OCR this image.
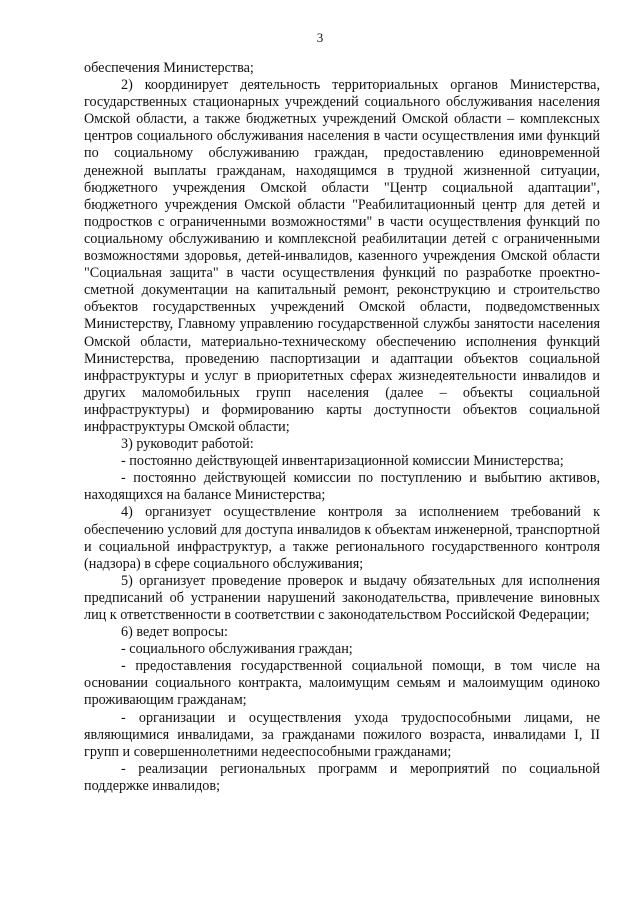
3

обеспечения Министерства;

2) координирует деятельность территориальных органов Министерства, государственных стационарных учреждений социального обслуживания населения Омской области, а также бюджетных учреждений Омской области – комплексных центров социального обслуживания населения в части осуществления ими функций по социальному обслуживанию граждан, предоставлению единовременной денежной выплаты гражданам, находящимся в трудной жизненной ситуации, бюджетного учреждения Омской области "Центр социальной адаптации", бюджетного учреждения Омской области "Реабилитационный центр для детей и подростков с ограниченными возможностями" в части осуществления функций по социальному обслуживанию и комплексной реабилитации детей с ограниченными возможностями здоровья, детей-инвалидов, казенного учреждения Омской области "Социальная защита" в части осуществления функций по разработке проектно-сметной документации на капитальный ремонт, реконструкцию и строительство объектов государственных учреждений Омской области, подведомственных Министерству, Главному управлению государственной службы занятости населения Омской области, материально-техническому обеспечению исполнения функций Министерства, проведению паспортизации и адаптации объектов социальной инфраструктуры и услуг в приоритетных сферах жизнедеятельности инвалидов и других маломобильных групп населения (далее – объекты социальной инфраструктуры) и формированию карты доступности объектов социальной инфраструктуры Омской области;

3) руководит работой:

- постоянно действующей инвентаризационной комиссии Министерства;

- постоянно действующей комиссии по поступлению и выбытию активов, находящихся на балансе Министерства;

4) организует осуществление контроля за исполнением требований к обеспечению условий для доступа инвалидов к объектам инженерной, транспортной и социальной инфраструктур, а также регионального государственного контроля (надзора) в сфере социального обслуживания;

5) организует проведение проверок и выдачу обязательных для исполнения предписаний об устранении нарушений законодательства, привлечение виновных лиц к ответственности в соответствии с законодательством Российской Федерации;

6) ведет вопросы:

- социального обслуживания граждан;

- предоставления государственной социальной помощи, в том числе на основании социального контракта, малоимущим семьям и малоимущим одиноко проживающим гражданам;

- организации и осуществления ухода трудоспособными лицами, не являющимися инвалидами, за гражданами пожилого возраста, инвалидами I, II групп и совершеннолетними недееспособными гражданами;

- реализации региональных программ и мероприятий по социальной поддержке инвалидов;
